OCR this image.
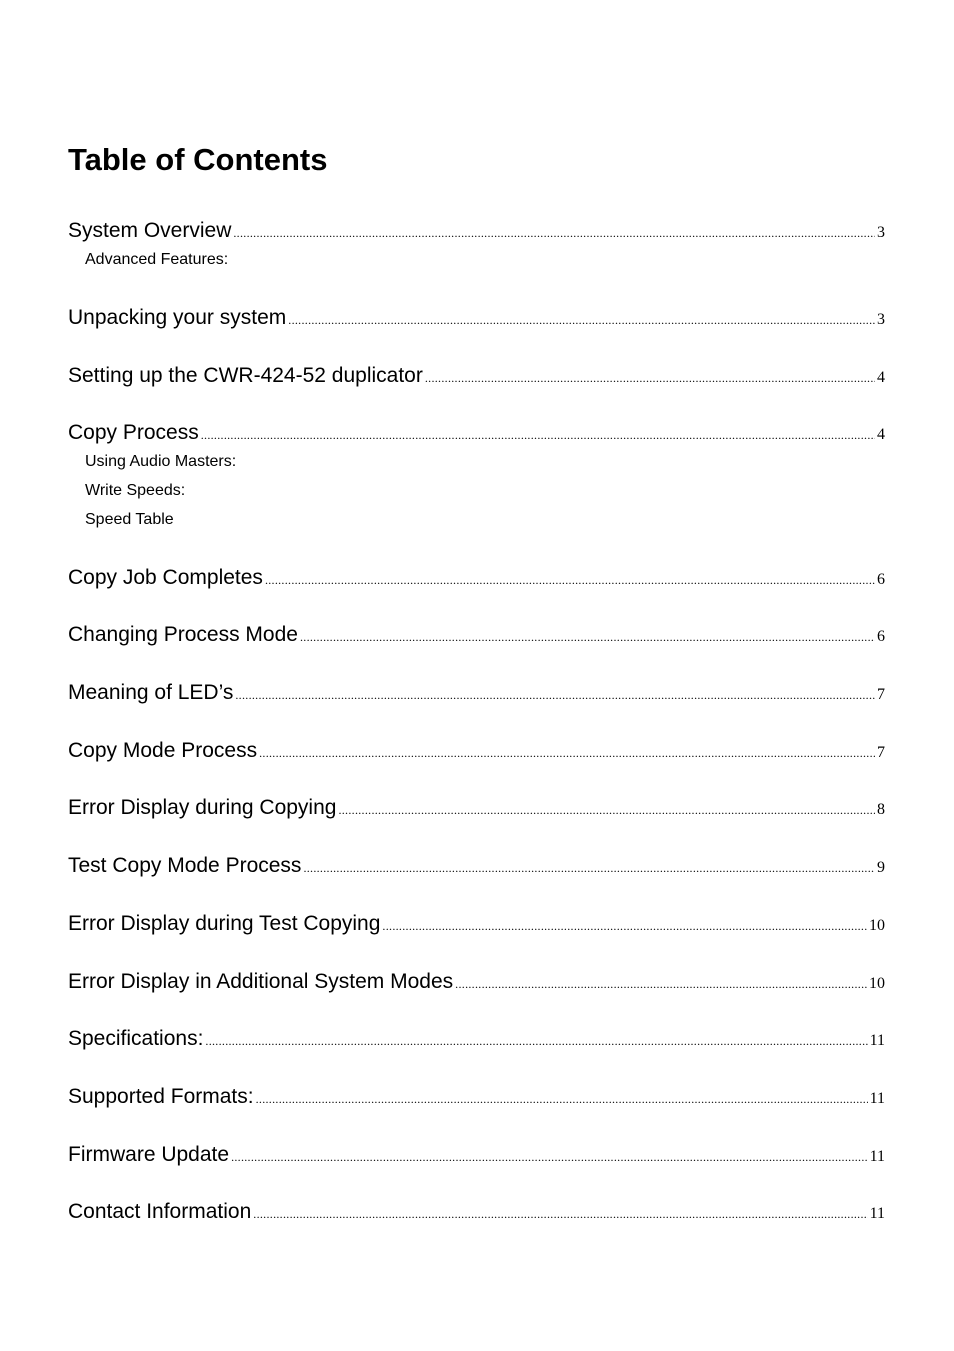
Table of Contents
System Overview .....	3
Advanced Features:
Unpacking your system .....	3
Setting up the CWR-424-52 duplicator .....	4
Copy Process .....	4
Using Audio Masters:
Write Speeds:
Speed Table
Copy Job Completes .....	6
Changing Process Mode .....	6
Meaning of LED’s .....	7
Copy Mode Process .....	7
Error Display during Copying .....	8
Test Copy Mode Process .....	9
Error Display during Test Copying .....	10
Error Display in Additional System Modes .....	10
Specifications: .....	11
Supported Formats: .....	11
Firmware Update .....	11
Contact Information .....	11
